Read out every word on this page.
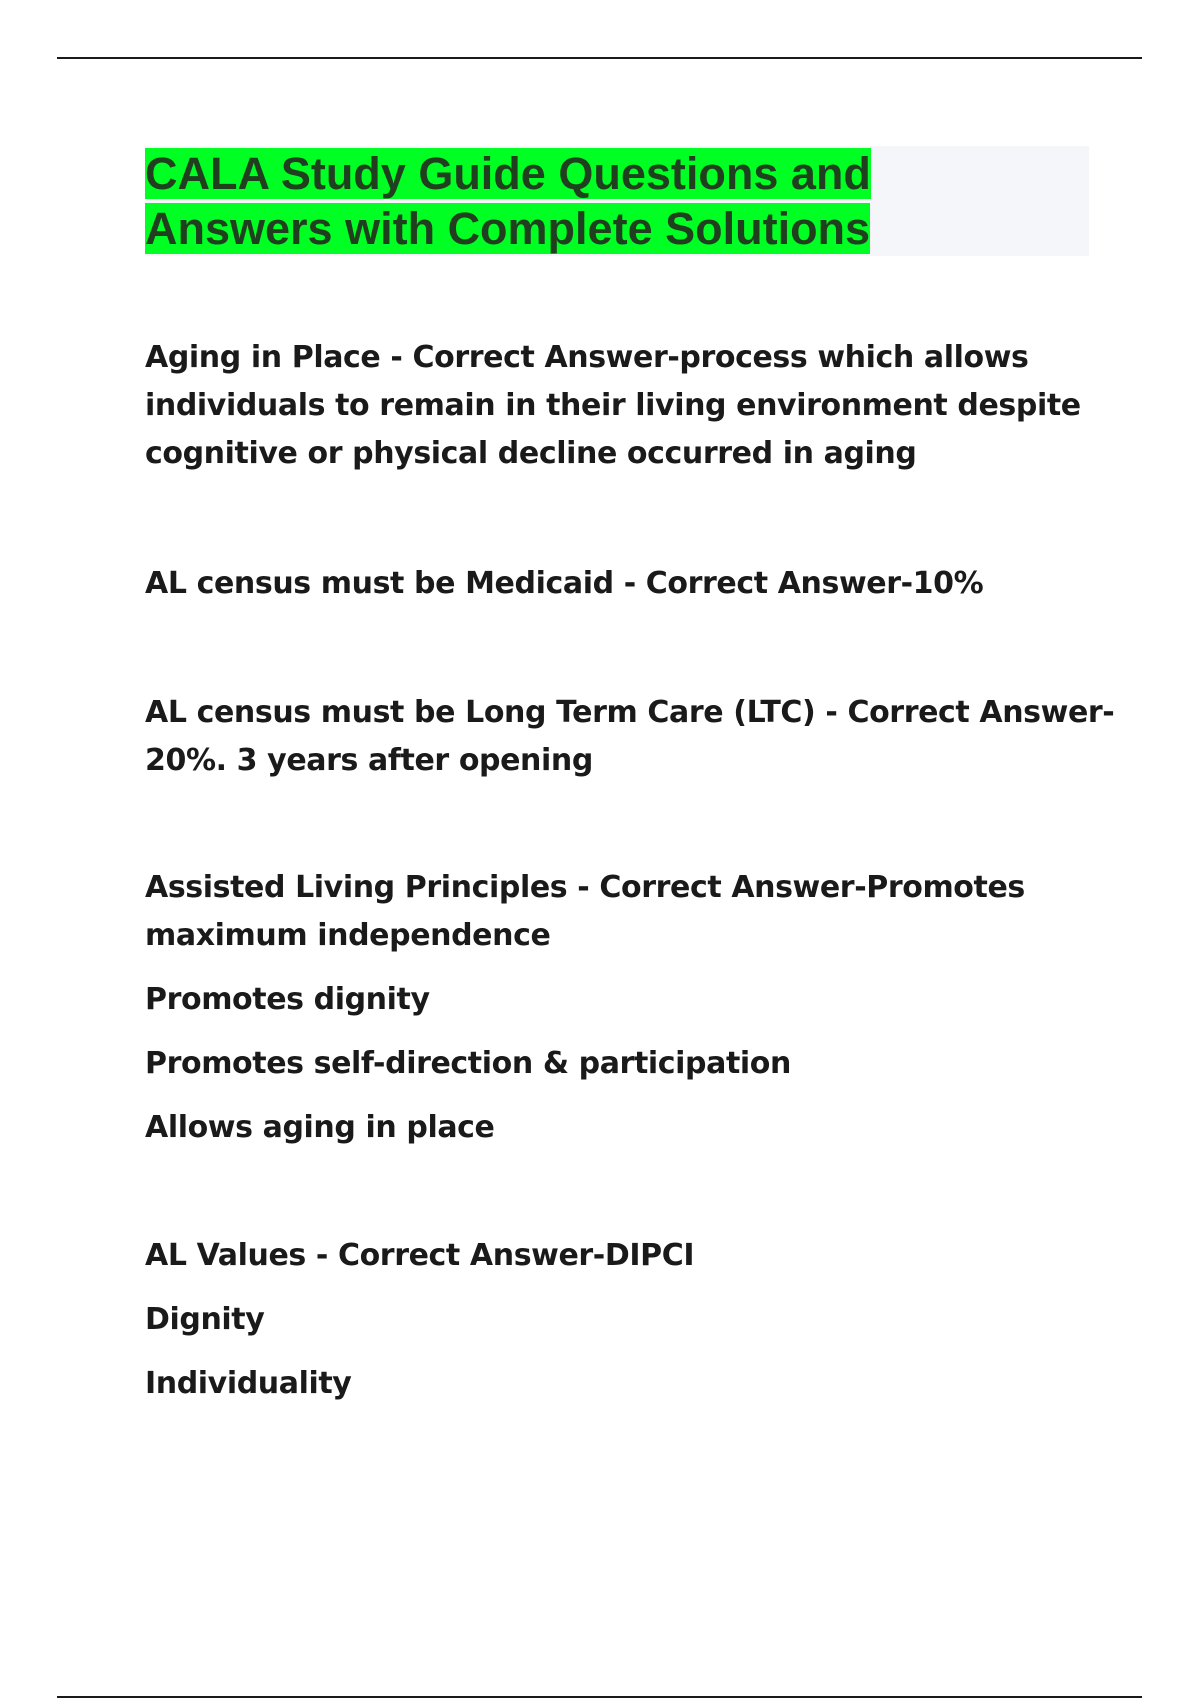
CALA Study Guide Questions and
Answers with Complete Solutions
Aging in Place - Correct Answer-process which allows
individuals to remain in their living environment despite
cognitive or physical decline occurred in aging
AL census must be Medicaid - Correct Answer-10%
AL census must be Long Term Care (LTC) - Correct Answer-
20%. 3 years after opening
Assisted Living Principles - Correct Answer-Promotes
maximum independence
Promotes dignity
Promotes self-direction & participation
Allows aging in place
AL Values - Correct Answer-DIPCI
Dignity
Individuality
